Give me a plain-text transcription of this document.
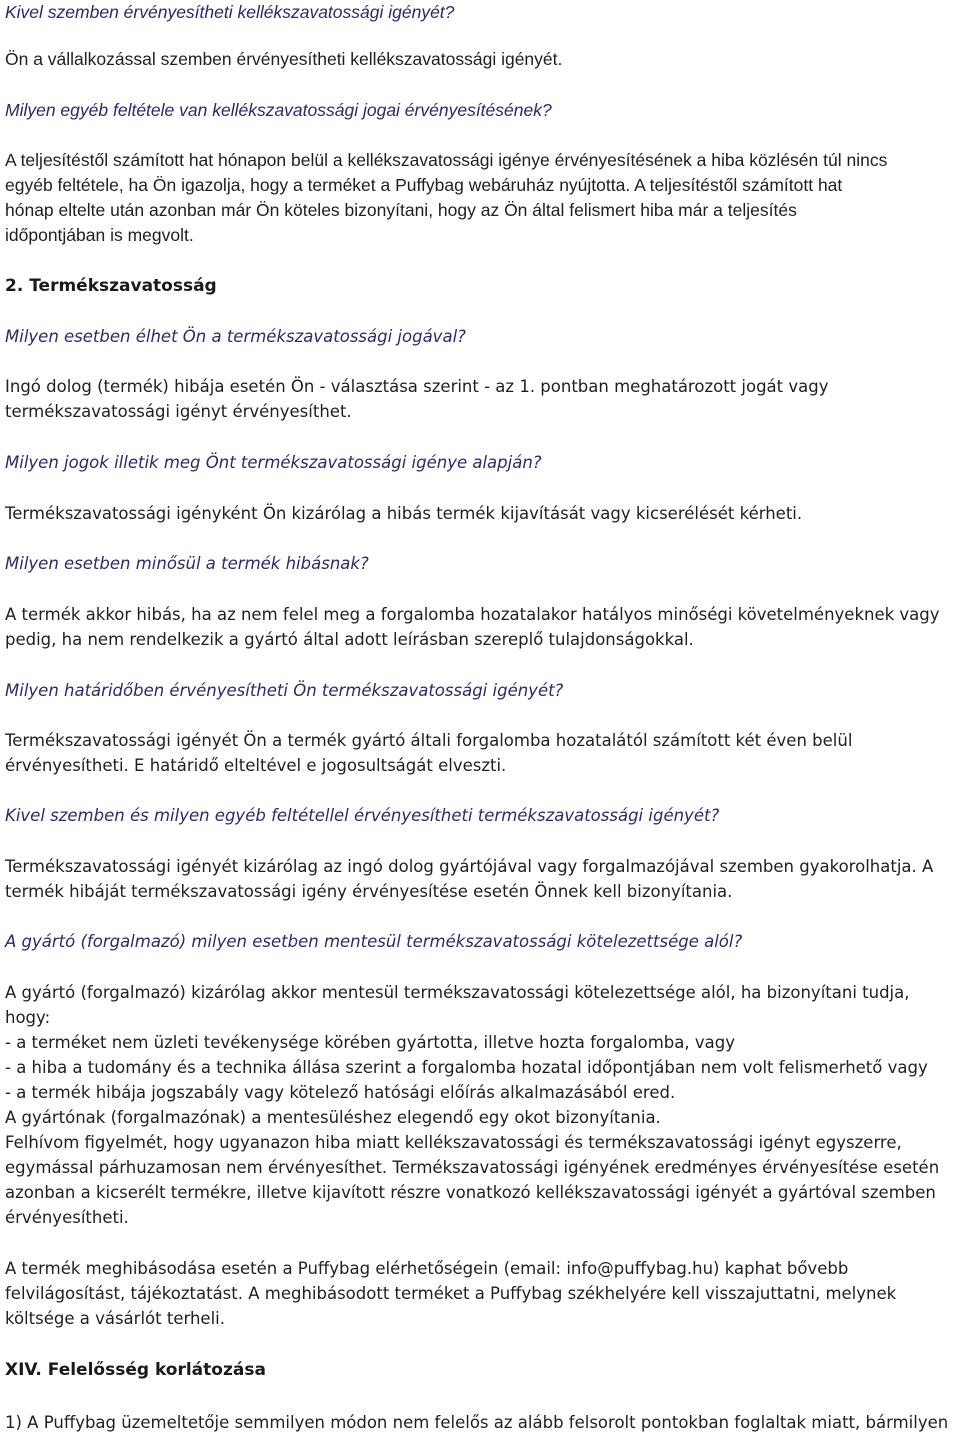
Kivel szemben érvényesítheti kellékszavatossági igényét?

Ön a vállalkozással szemben érvényesítheti kellékszavatossági igényét.

Milyen egyéb feltétele van kellékszavatossági jogai érvényesítésének?

A teljesítéstől számított hat hónapon belül a kellékszavatossági igénye érvényesítésének a hiba közlésén túl nincs

egyéb feltétele, ha Ön igazolja, hogy a terméket a Puffybag webáruház nyújtotta. A teljesítéstől számított hat

hónap eltelte után azonban már Ön köteles bizonyítani, hogy az Ön által felismert hiba már a teljesítés

időpontjában is megvolt.

2. Termékszavatosság

Milyen esetben élhet Ön a termékszavatossági jogával?

Ingó dolog (termék) hibája esetén Ön - választása szerint - az 1. pontban meghatározott jogát vagy

termékszavatossági igényt érvényesíthet.

Milyen jogok illetik meg Önt termékszavatossági igénye alapján?

Termékszavatossági igényként Ön kizárólag a hibás termék kijavítását vagy kicserélését kérheti.

Milyen esetben minősül a termék hibásnak?

A termék akkor hibás, ha az nem felel meg a forgalomba hozatalakor hatályos minőségi követelményeknek vagy

pedig, ha nem rendelkezik a gyártó által adott leírásban szereplő tulajdonságokkal.

Milyen határidőben érvényesítheti Ön termékszavatossági igényét?

Termékszavatossági igényét Ön a termék gyártó általi forgalomba hozatalától számított két éven belül

érvényesítheti. E határidő elteltével e jogosultságát elveszti.

Kivel szemben és milyen egyéb feltétellel érvényesítheti termékszavatossági igényét?

Termékszavatossági igényét kizárólag az ingó dolog gyártójával vagy forgalmazójával szemben gyakorolhatja. A

termék hibáját termékszavatossági igény érvényesítése esetén Önnek kell bizonyítania.

A gyártó (forgalmazó) milyen esetben mentesül termékszavatossági kötelezettsége alól?

A gyártó (forgalmazó) kizárólag akkor mentesül termékszavatossági kötelezettsége alól, ha bizonyítani tudja,

hogy:

- a terméket nem üzleti tevékenysége körében gyártotta, illetve hozta forgalomba, vagy

- a hiba a tudomány és a technika állása szerint a forgalomba hozatal időpontjában nem volt felismerhető vagy

- a termék hibája jogszabály vagy kötelező hatósági előírás alkalmazásából ered.

A gyártónak (forgalmazónak) a mentesüléshez elegendő egy okot bizonyítania.

Felhívom figyelmét, hogy ugyanazon hiba miatt kellékszavatossági és termékszavatossági igényt egyszerre,

egymással párhuzamosan nem érvényesíthet. Termékszavatossági igényének eredményes érvényesítése esetén

azonban a kicserélt termékre, illetve kijavított részre vonatkozó kellékszavatossági igényét a gyártóval szemben

érvényesítheti.

A termék meghibásodása esetén a Puffybag elérhetőségein (email: info@puffybag.hu) kaphat bővebb

felvilágosítást, tájékoztatást. A meghibásodott terméket a Puffybag székhelyére kell visszajuttatni, melynek

költsége a vásárlót terheli.

XIV. Felelősség korlátozása

1) A Puffybag üzemeltetője semmilyen módon nem felelős az alább felsorolt pontokban foglaltak miatt, bármilyen
